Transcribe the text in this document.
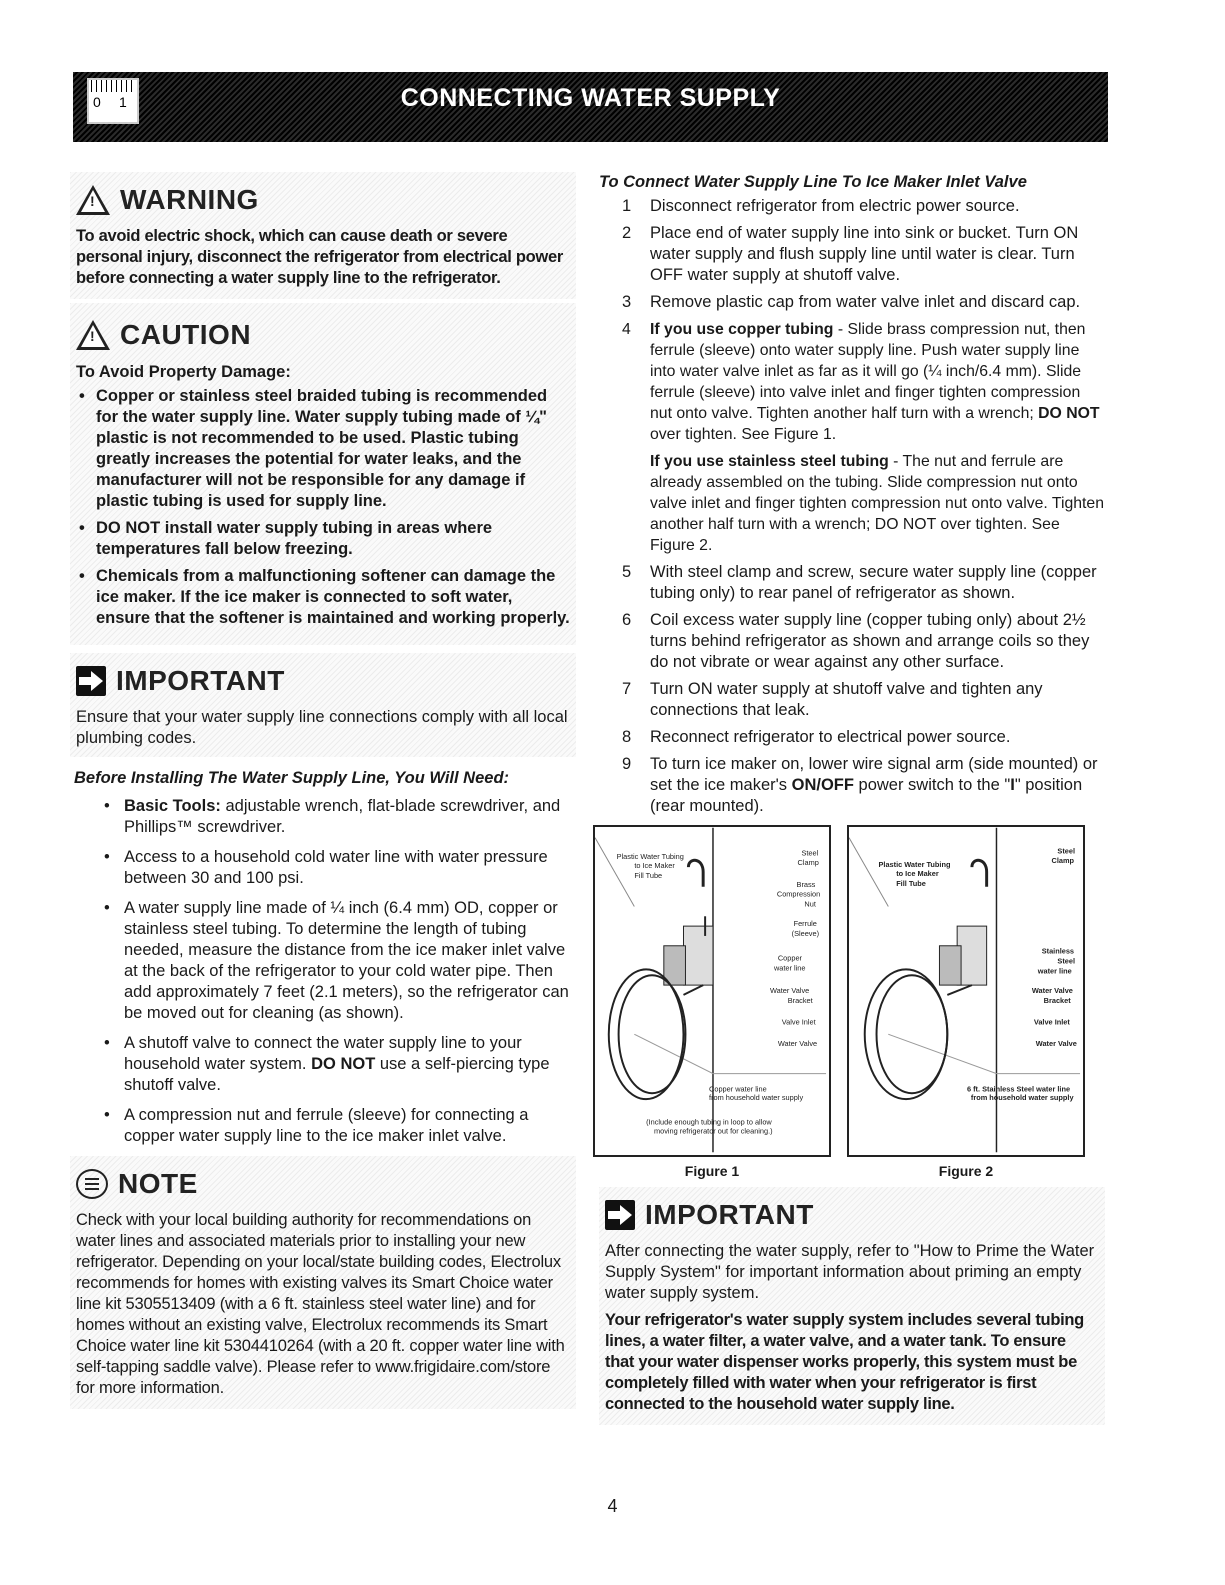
0 1	CONNECTING WATER SUPPLY
! WARNING

To avoid electric shock, which can cause death or severe personal injury, disconnect the refrigerator from electrical power before connecting a water supply line to the refrigerator.

! CAUTION

To Avoid Property Damage:

• Copper or stainless steel braided tubing is recommended for the water supply line. Water supply tubing made of ¼" plastic is not recommended to be used. Plastic tubing greatly increases the potential for water leaks, and the manufacturer will not be responsible for any damage if plastic tubing is used for supply line.
• DO NOT install water supply tubing in areas where temperatures fall below freezing.
• Chemicals from a malfunctioning softener can damage the ice maker. If the ice maker is connected to soft water, ensure that the softener is maintained and working properly.
IMPORTANT

Ensure that your water supply line connections comply with all local plumbing codes.

Before Installing The Water Supply Line, You Will Need:

• Basic Tools: adjustable wrench, flat-blade screwdriver, and Phillips™ screwdriver.
• Access to a household cold water line with water pressure between 30 and 100 psi.
• A water supply line made of ¼ inch (6.4 mm) OD, copper or stainless steel tubing. To determine the length of tubing needed, measure the distance from the ice maker inlet valve at the back of the refrigerator to your cold water pipe. Then add approximately 7 feet (2.1 meters), so the refrigerator can be moved out for cleaning (as shown).
• A shutoff valve to connect the water supply line to your household water system. DO NOT use a self-piercing type shutoff valve.
• A compression nut and ferrule (sleeve) for connecting a copper water supply line to the ice maker inlet valve.
NOTE

Check with your local building authority for recommendations on water lines and associated materials prior to installing your new refrigerator. Depending on your local/state building codes, Electrolux recommends for homes with existing valves its Smart Choice water line kit 5305513409 (with a 6 ft. stainless steel water line) and for homes without an existing valve, Electrolux recommends its Smart Choice water line kit 5304410264 (with a 20 ft. copper water line with self-tapping saddle valve). Please refer to www.frigidaire.com/store for more information.

To Connect Water Supply Line To Ice Maker Inlet Valve

1 Disconnect refrigerator from electric power source.
2 Place end of water supply line into sink or bucket. Turn ON water supply and flush supply line until water is clear. Turn OFF water supply at shutoff valve.
3 Remove plastic cap from water valve inlet and discard cap.
4 If you use copper tubing - Slide brass compression nut, then ferrule (sleeve) onto water supply line. Push water supply line into water valve inlet as far as it will go (¼ inch/6.4 mm). Slide ferrule (sleeve) into valve inlet and finger tighten compression nut onto valve. Tighten another half turn with a wrench; DO NOT over tighten. See Figure 1.

If you use stainless steel tubing - The nut and ferrule are already assembled on the tubing. Slide compression nut onto valve inlet and finger tighten compression nut onto valve. Tighten another half turn with a wrench; DO NOT over tighten. See Figure 2.

5 With steel clamp and screw, secure water supply line (copper tubing only) to rear panel of refrigerator as shown.
6 Coil excess water supply line (copper tubing only) about 2½ turns behind refrigerator as shown and arrange coils so they do not vibrate or wear against any other surface.
7 Turn ON water supply at shutoff valve and tighten any connections that leak.
8 Reconnect refrigerator to electrical power source.
9 To turn ice maker on, lower wire signal arm (side mounted) or set the ice maker's ON/OFF power switch to the "I" position (rear mounted).
Plastic Water Tubing
to Ice Maker
Fill Tube
Steel
Clamp
Brass
Compression
Nut
Ferrule
(Sleeve)
Copper
water line
Water Valve
Bracket
Valve Inlet
Water Valve
Copper water line
from household water supply
(Include enough tubing in loop to allow
moving refrigerator out for cleaning.)
Figure 1
Plastic Water Tubing
to Ice Maker
Fill Tube
Steel
Clamp
Stainless
Steel
water line
Water Valve
Bracket
Valve Inlet
Water Valve
6 ft. Stainless Steel water line
from household water supply
Figure 2
IMPORTANT

After connecting the water supply, refer to "How to Prime the Water Supply System" for important information about priming an empty water supply system.

Your refrigerator's water supply system includes several tubing lines, a water filter, a water valve, and a water tank. To ensure that your water dispenser works properly, this system must be completely filled with water when your refrigerator is first connected to the household water supply line.

4
